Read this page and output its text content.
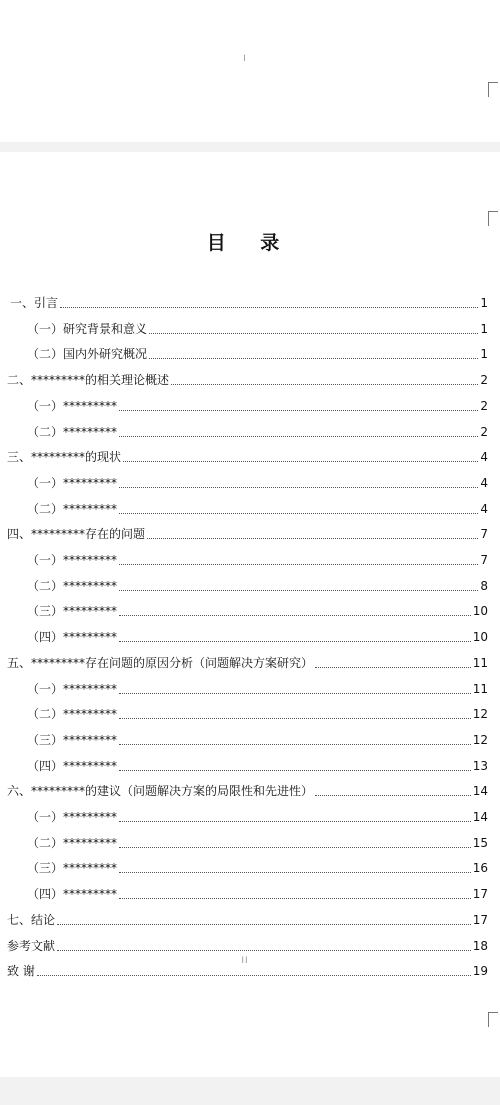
I
目 录
一、引言	1
（一）研究背景和意义	1
（二）国内外研究概况	1
二、*********的相关理论概述	2
（一）*********	2
（二）*********	2
三、*********的现状	4
（一）*********	4
（二）*********	4
四、*********存在的问题	7
（一）*********	7
（二）*********	8
（三）*********	10
（四）*********	10
五、*********存在问题的原因分析（问题解决方案研究）	11
（一）*********	11
（二）*********	12
（三）*********	12
（四）*********	13
六、*********的建议（问题解决方案的局限性和先进性）	14
（一）*********	14
（二）*********	15
（三）*********	16
（四）*********	17
七、结论	17
参考文献	18
致 谢	19
II
